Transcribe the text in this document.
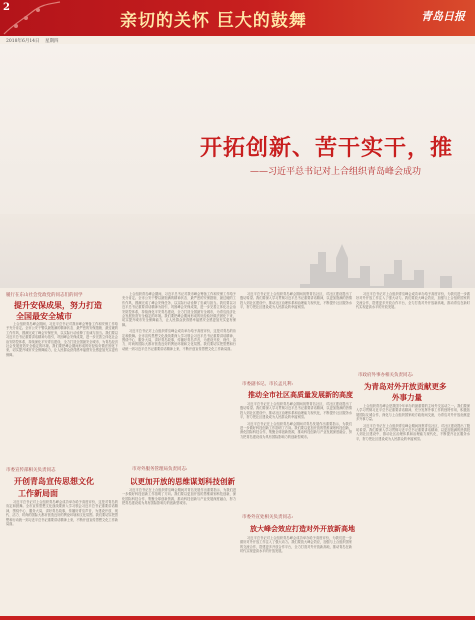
2
亲切的关怀 巨大的鼓舞	青岛日报
2018年6月14日 星期四
开拓创新、苦干实干，推
——习近平总书记对上合组织青岛峰会成功
履行在东山社会党政党的同志们的同学
提升安保成果，努力打造
全国最安全城市

上合组织青岛峰会期间，习近平总书记对我市峰会筹备工作和安保工作给予充分肯定。全市公安干警以最饱满的精神状态、最严密的安保措施、最过硬的工作作风，圆满完成了峰会安保任务，以实际行动诠释了忠诚与担当。我们要以习近平总书记重要讲话精神为指引，巩固峰会安保成果，进一步完善立体化社会治安防控体系，持续深化平安青岛建设，全力打造全国最安全城市，为青岛经济社会发展营造安全稳定的环境。我们要把峰会期间形成的好经验好做法固化下来，切实提升城市安全保障能力，让人民群众获得感幸福感安全感更加充实更有保障。

市委宣传部相关负责同志
开创青岛宣传思想文化
工作新局面

习近平总书记对上合组织青岛峰会成功举办给予高度评价，这是对青岛的肯定和鼓舞。全市宣传思想文化战线要深入学习领会习近平总书记重要讲话精神，围绕中心、服务大局，讲好青岛故事，传播好青岛声音，为建设开放、现代、活力、时尚的国际大都市营造良好的舆论环境和文化氛围。我们要切实把思想和行动统一到习近平总书记重要讲话精神上来，不断开创宣传思想文化工作新局面。

上合组织青岛峰会期间，习近平总书记对我市峰会筹备工作和安保工作给予充分肯定。全市公安干警以最饱满的精神状态、最严密的安保措施、最过硬的工作作风，圆满完成了峰会安保任务，以实际行动诠释了忠诚与担当。我们要以习近平总书记重要讲话精神为指引，巩固峰会安保成果，进一步完善立体化社会治安防控体系，持续深化平安青岛建设，全力打造全国最安全城市，为青岛经济社会发展营造安全稳定的环境。我们要把峰会期间形成的好经验好做法固化下来，切实提升城市安全保障能力，让人民群众获得感幸福感安全感更加充实更有保障。

习近平总书记对上合组织青岛峰会成功举办给予高度评价，这是对青岛的肯定和鼓舞。全市宣传思想文化战线要深入学习领会习近平总书记重要讲话精神，围绕中心、服务大局，讲好青岛故事，传播好青岛声音，为建设开放、现代、活力、时尚的国际大都市营造良好的舆论环境和文化氛围。我们要切实把思想和行动统一到习近平总书记重要讲话精神上来，不断开创宣传思想文化工作新局面。

市对外服务管理局负责同志:
以更加开放的思维谋划科技创新

习近平总书记在上合组织青岛峰会期间对青岛发展作出重要指示，为我们进一步做好科技创新工作指明了方向。我们要以更加开放的思维谋划科技创新，深化国际科技合作，集聚全球创新资源，推动科技创新与产业发展深度融合，努力把青岛建设成为具有国际影响力的创新型城市。

习近平总书记在上合组织青岛峰会期间视察青岛社区，对社区建设提出了殷切希望。我们要深入学习贯彻习近平总书记重要讲话精神，以更加饱满的热情投入到社区建设中，推动社区治理体系和治理能力现代化，不断提升社区服务水平，努力把社区建设成为人民群众的幸福家园。

市委副书记、市长孟凡利:
推动全市社区高质量发展新的高度

习近平总书记在上合组织青岛峰会期间视察青岛社区，对社区建设提出了殷切希望。我们要深入学习贯彻习近平总书记重要讲话精神，以更加饱满的热情投入到社区建设中，推动社区治理体系和治理能力现代化，不断提升社区服务水平，努力把社区建设成为人民群众的幸福家园。

习近平总书记在上合组织青岛峰会期间对青岛发展作出重要指示，为我们进一步做好科技创新工作指明了方向。我们要以更加开放的思维谋划科技创新，深化国际科技合作，集聚全球创新资源，推动科技创新与产业发展深度融合，努力把青岛建设成为具有国际影响力的创新型城市。

市委外宣处相关负责同志:
放大峰会效应打造对外开放新高地

习近平总书记对上合组织青岛峰会成功举办给予高度评价，为我们进一步做好对外开放工作注入了强大动力。我们要放大峰会效应，加强与上合组织国家的交流合作，搭建更多开放合作平台，全力打造对外开放新高地，推动青岛在新时代实现更高水平的开放发展。

习近平总书记对上合组织青岛峰会成功举办给予高度评价，为我们进一步做好对外开放工作注入了强大动力。我们要放大峰会效应，加强与上合组织国家的交流合作，搭建更多开放合作平台，全力打造对外开放新高地，推动青岛在新时代实现更高水平的开放发展。

市政府外事办相关负责同志:
为青岛对外开放贡献更多
外事力量

上合组织青岛峰会是我国今年举办的最重要的主场外交活动之一。我们要深入学习贯彻习近平总书记重要讲话精神，充分发挥外事工作的独特作用，积极拓展国际友城合作，深化与上合组织国家地方政府间交流，为青岛对外开放贡献更多外事力量。

习近平总书记在上合组织青岛峰会期间视察青岛社区，对社区建设提出了殷切希望。我们要深入学习贯彻习近平总书记重要讲话精神，以更加饱满的热情投入到社区建设中，推动社区治理体系和治理能力现代化，不断提升社区服务水平，努力把社区建设成为人民群众的幸福家园。
